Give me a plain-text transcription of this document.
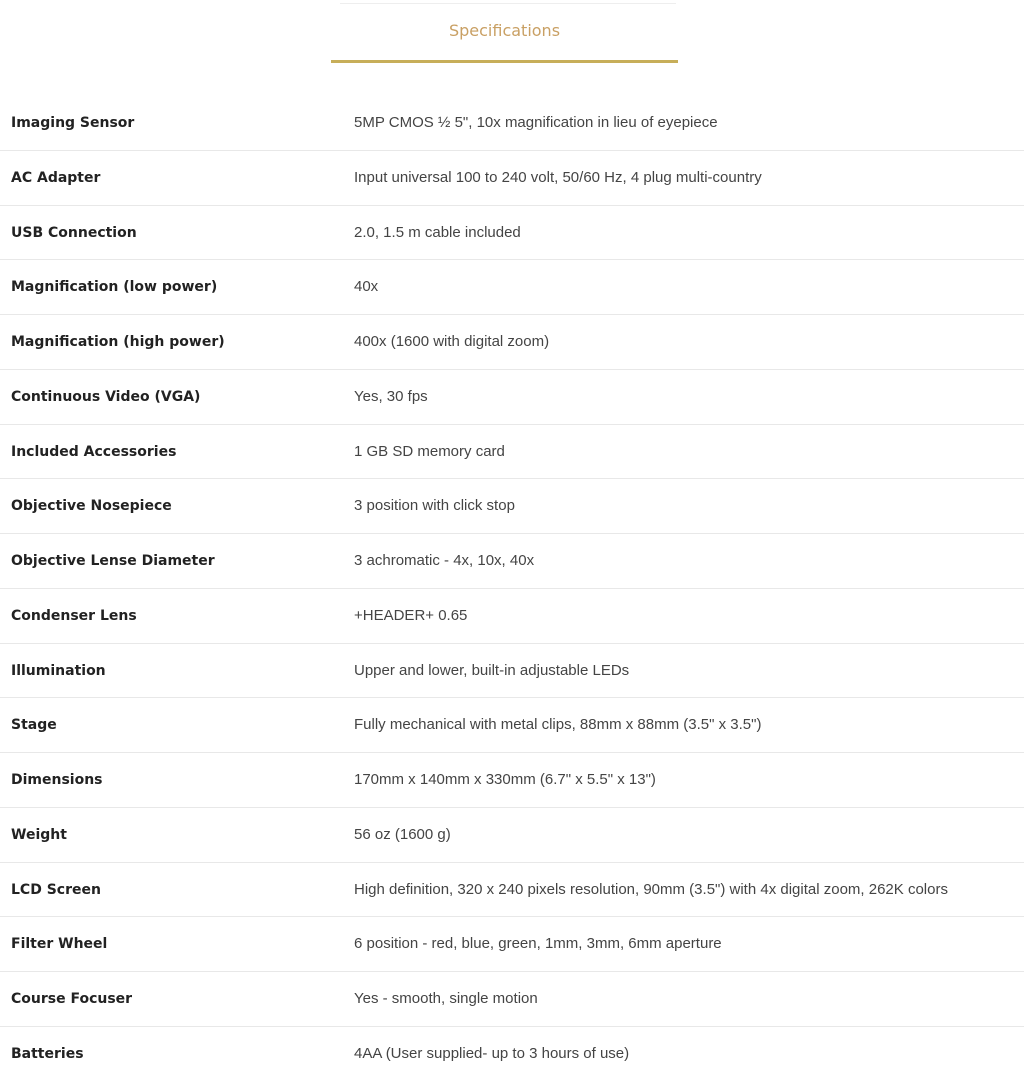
Specifications
Imaging Sensor	5MP CMOS ½ 5", 10x magnification in lieu of eyepiece
AC Adapter	Input universal 100 to 240 volt, 50/60 Hz, 4 plug multi-country
USB Connection	2.0, 1.5 m cable included
Magnification (low power)	40x
Magnification (high power)	400x (1600 with digital zoom)
Continuous Video (VGA)	Yes, 30 fps
Included Accessories	1 GB SD memory card
Objective Nosepiece	3 position with click stop
Objective Lense Diameter	3 achromatic - 4x, 10x, 40x
Condenser Lens	+HEADER+ 0.65
Illumination	Upper and lower, built-in adjustable LEDs
Stage	Fully mechanical with metal clips, 88mm x 88mm (3.5" x 3.5")
Dimensions	170mm x 140mm x 330mm (6.7" x 5.5" x 13")
Weight	56 oz (1600 g)
LCD Screen	High definition, 320 x 240 pixels resolution, 90mm (3.5") with 4x digital zoom, 262K colors
Filter Wheel	6 position - red, blue, green, 1mm, 3mm, 6mm aperture
Course Focuser	Yes - smooth, single motion
Batteries	4AA (User supplied- up to 3 hours of use)
